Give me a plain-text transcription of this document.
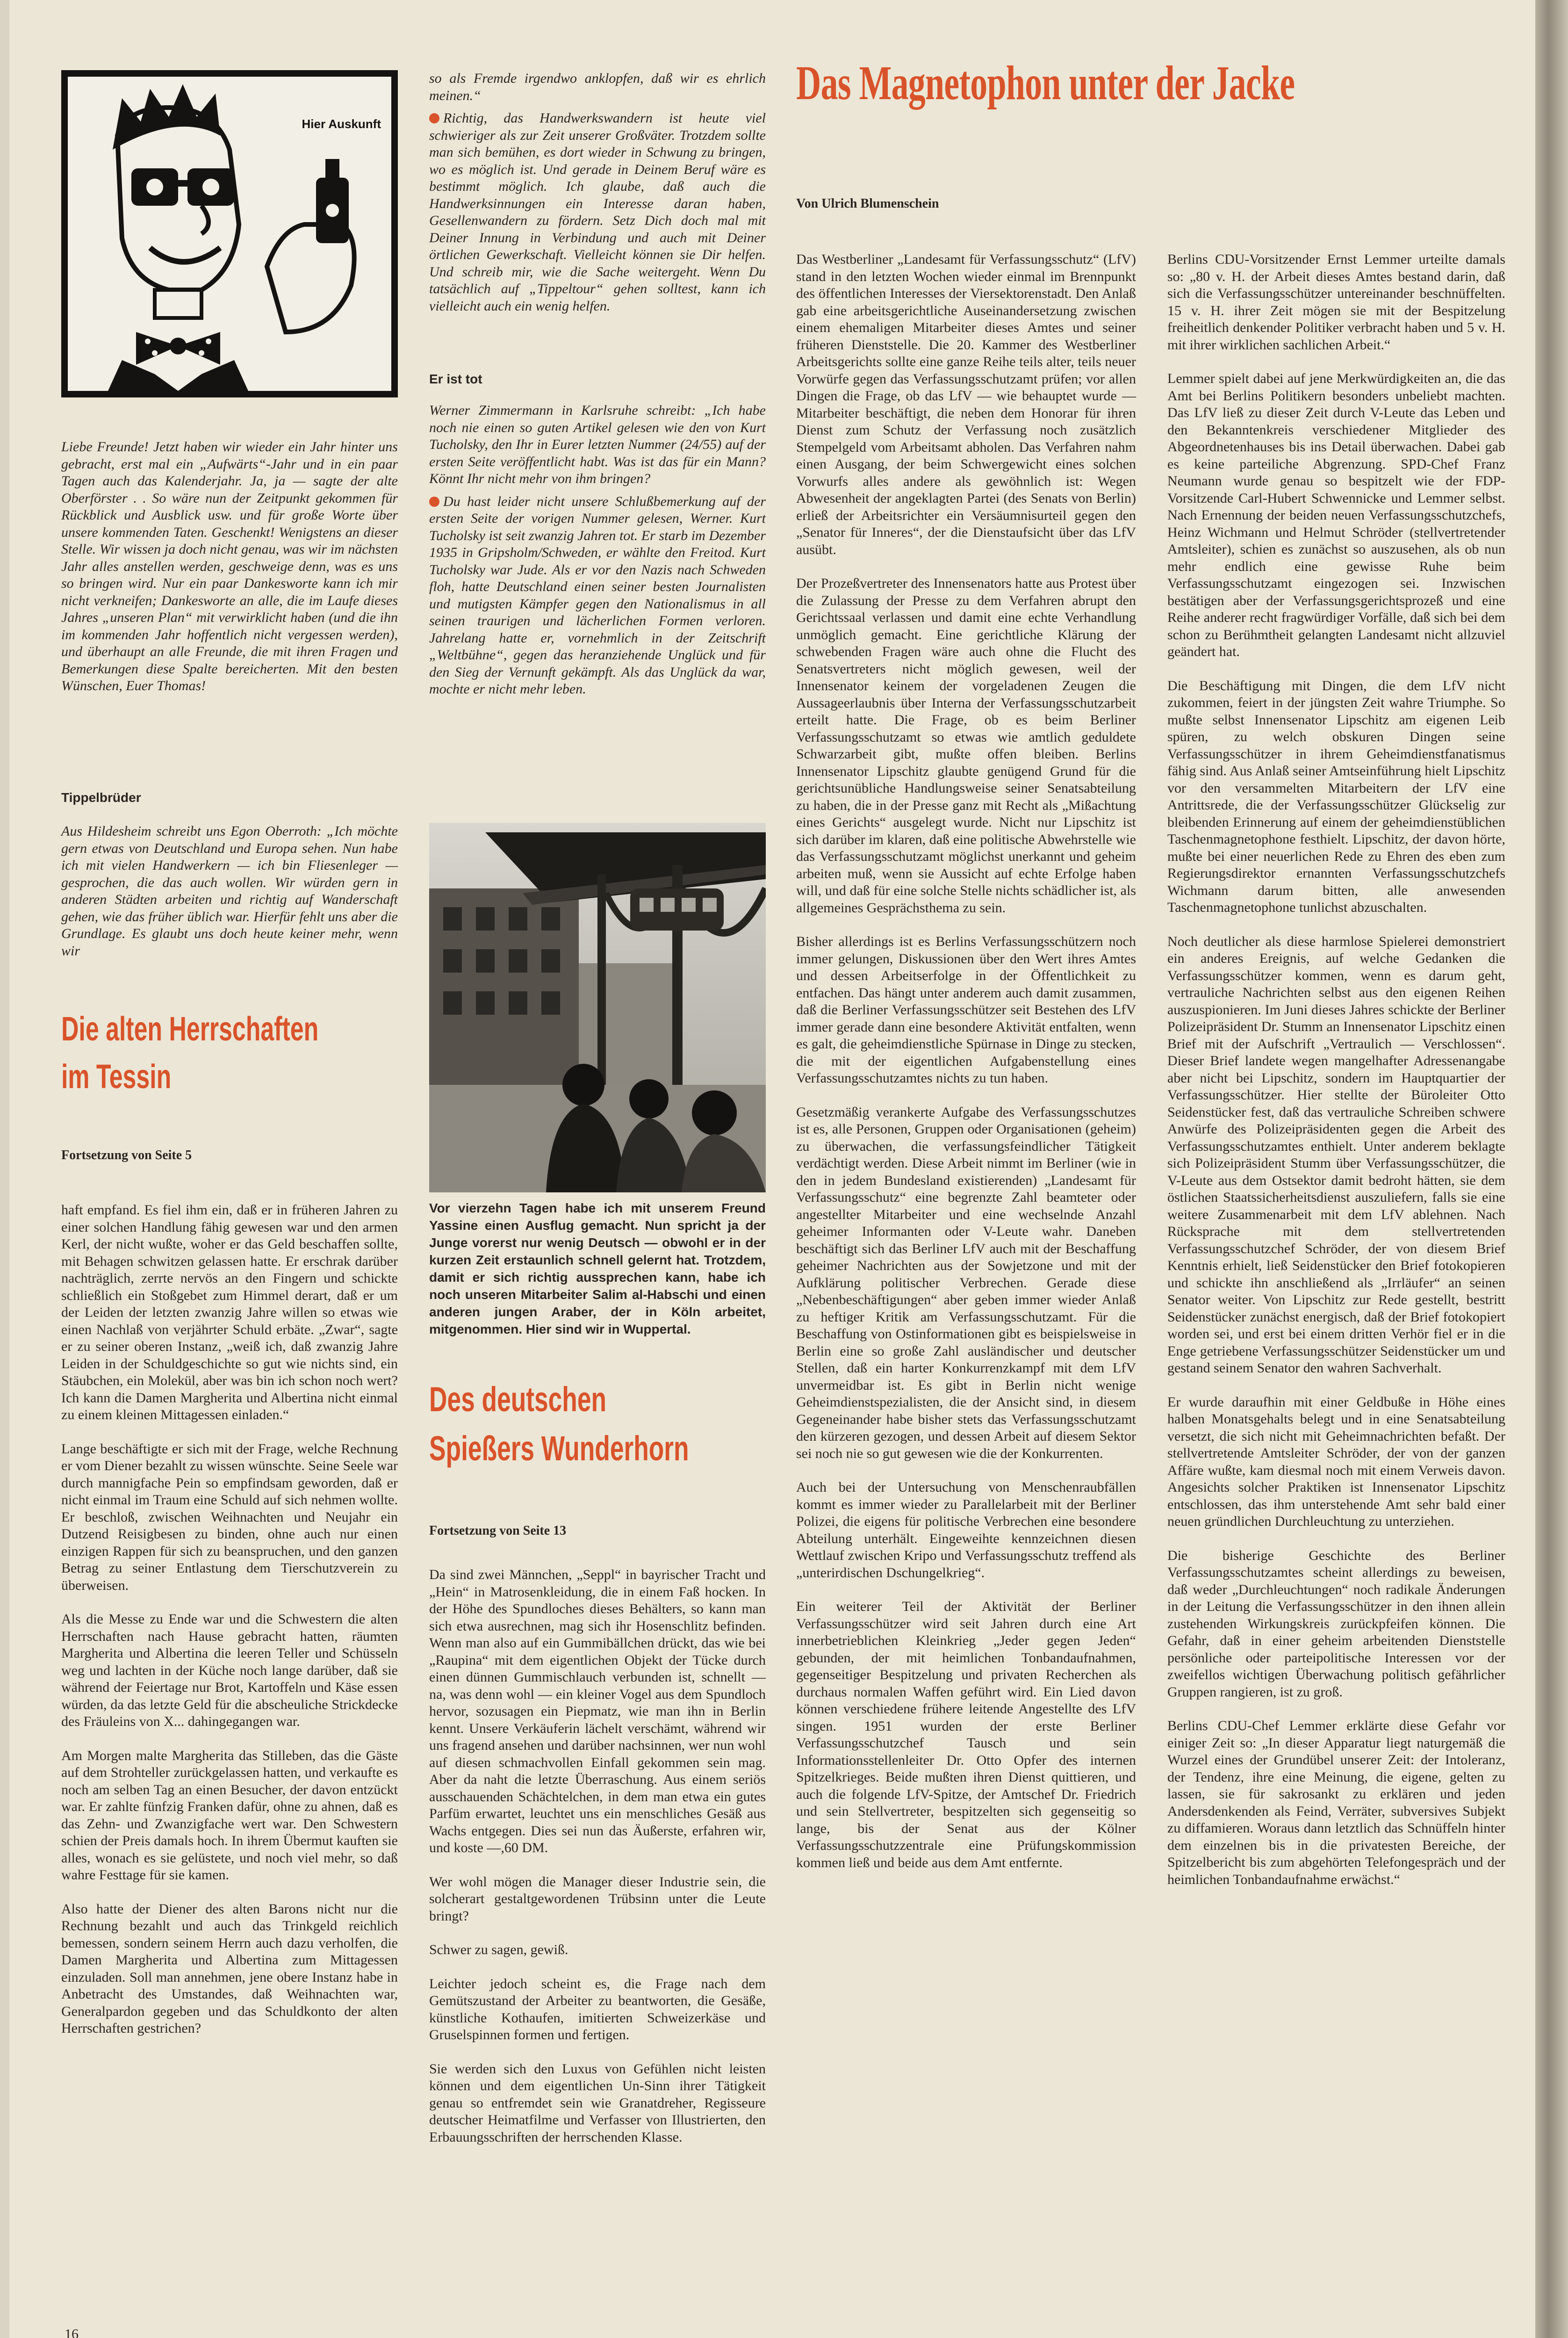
Hier Auskunft

Liebe Freunde! Jetzt haben wir wieder ein Jahr hinter uns gebracht, erst mal ein „Aufwärts“-Jahr und in ein paar Tagen auch das Kalenderjahr. Ja, ja — sagte der alte Oberförster . . So wäre nun der Zeitpunkt gekommen für Rückblick und Ausblick usw. und für große Worte über unsere kommenden Taten. Geschenkt! Wenigstens an dieser Stelle. Wir wissen ja doch nicht genau, was wir im nächsten Jahr alles anstellen werden, geschweige denn, was es uns so bringen wird. Nur ein paar Dankesworte kann ich mir nicht verkneifen; Dankesworte an alle, die im Laufe dieses Jahres „unseren Plan“ mit verwirklicht haben (und die ihn im kommenden Jahr hoffentlich nicht vergessen werden), und überhaupt an alle Freunde, die mit ihren Fragen und Bemerkungen diese Spalte bereicherten. Mit den besten Wünschen, Euer Thomas!

Tippelbrüder

Aus Hildesheim schreibt uns Egon Oberroth: „Ich möchte gern etwas von Deutschland und Europa sehen. Nun habe ich mit vielen Handwerkern — ich bin Fliesenleger — gesprochen, die das auch wollen. Wir würden gern in anderen Städten arbeiten und richtig auf Wanderschaft gehen, wie das früher üblich war. Hierfür fehlt uns aber die Grundlage. Es glaubt uns doch heute keiner mehr, wenn wir

so als Fremde irgendwo anklopfen, daß wir es ehrlich meinen.“

Richtig, das Handwerkswandern ist heute viel schwieriger als zur Zeit unserer Großväter. Trotzdem sollte man sich bemühen, es dort wieder in Schwung zu bringen, wo es möglich ist. Und gerade in Deinem Beruf wäre es bestimmt möglich. Ich glaube, daß auch die Handwerksinnungen ein Interesse daran haben, Gesellenwandern zu fördern. Setz Dich doch mal mit Deiner Innung in Verbindung und auch mit Deiner örtlichen Gewerkschaft. Vielleicht können sie Dir helfen. Und schreib mir, wie die Sache weitergeht. Wenn Du tatsächlich auf „Tippeltour“ gehen solltest, kann ich vielleicht auch ein wenig helfen.

Er ist tot

Werner Zimmermann in Karlsruhe schreibt: „Ich habe noch nie einen so guten Artikel gelesen wie den von Kurt Tucholsky, den Ihr in Eurer letzten Nummer (24/55) auf der ersten Seite veröffentlicht habt. Was ist das für ein Mann? Könnt Ihr nicht mehr von ihm bringen?

Du hast leider nicht unsere Schlußbemerkung auf der ersten Seite der vorigen Nummer gelesen, Werner. Kurt Tucholsky ist seit zwanzig Jahren tot. Er starb im Dezember 1935 in Gripsholm/Schweden, er wählte den Freitod. Kurt Tucholsky war Jude. Als er vor den Nazis nach Schweden floh, hatte Deutschland einen seiner besten Journalisten und mutigsten Kämpfer gegen den Nationalismus in all seinen traurigen und lächerlichen Formen verloren. Jahrelang hatte er, vornehmlich in der Zeitschrift „Weltbühne“, gegen das heranziehende Unglück und für den Sieg der Vernunft gekämpft. Als das Unglück da war, mochte er nicht mehr leben.

Vor vierzehn Tagen habe ich mit unserem Freund Yassine einen Ausflug gemacht. Nun spricht ja der Junge vorerst nur wenig Deutsch — obwohl er in der kurzen Zeit erstaunlich schnell gelernt hat. Trotzdem, damit er sich richtig aussprechen kann, habe ich noch unseren Mitarbeiter Salim al-Habschi und einen anderen jungen Araber, der in Köln arbeitet, mitgenommen. Hier sind wir in Wuppertal.
Die alten Herrschaften
im Tessin
Fortsetzung von Seite 5

haft empfand. Es fiel ihm ein, daß er in früheren Jahren zu einer solchen Handlung fähig gewesen war und den armen Kerl, der nicht wußte, woher er das Geld beschaffen sollte, mit Behagen schwitzen gelassen hatte. Er erschrak darüber nachträglich, zerrte nervös an den Fingern und schickte schließlich ein Stoßgebet zum Himmel derart, daß er um der Leiden der letzten zwanzig Jahre willen so etwas wie einen Nachlaß von verjährter Schuld erbäte. „Zwar“, sagte er zu seiner oberen Instanz, „weiß ich, daß zwanzig Jahre Leiden in der Schuldgeschichte so gut wie nichts sind, ein Stäubchen, ein Molekül, aber was bin ich schon noch wert? Ich kann die Damen Margherita und Albertina nicht einmal zu einem kleinen Mittagessen einladen.“

Lange beschäftigte er sich mit der Frage, welche Rechnung er vom Diener bezahlt zu wissen wünschte. Seine Seele war durch mannigfache Pein so empfindsam geworden, daß er nicht einmal im Traum eine Schuld auf sich nehmen wollte. Er beschloß, zwischen Weihnachten und Neujahr ein Dutzend Reisigbesen zu binden, ohne auch nur einen einzigen Rappen für sich zu beanspruchen, und den ganzen Betrag zu seiner Entlastung dem Tierschutzverein zu überweisen.

Als die Messe zu Ende war und die Schwestern die alten Herrschaften nach Hause gebracht hatten, räumten Margherita und Albertina die leeren Teller und Schüsseln weg und lachten in der Küche noch lange darüber, daß sie während der Feiertage nur Brot, Kartoffeln und Käse essen würden, da das letzte Geld für die abscheuliche Strickdecke des Fräuleins von X... dahingegangen war.

Am Morgen malte Margherita das Stilleben, das die Gäste auf dem Strohteller zurückgelassen hatten, und verkaufte es noch am selben Tag an einen Besucher, der davon entzückt war. Er zahlte fünfzig Franken dafür, ohne zu ahnen, daß es das Zehn- und Zwanzigfache wert war. Den Schwestern schien der Preis damals hoch. In ihrem Übermut kauften sie alles, wonach es sie gelüstete, und noch viel mehr, so daß wahre Festtage für sie kamen.

Also hatte der Diener des alten Barons nicht nur die Rechnung bezahlt und auch das Trinkgeld reichlich bemessen, sondern seinem Herrn auch dazu verholfen, die Damen Margherita und Albertina zum Mittagessen einzuladen. Soll man annehmen, jene obere Instanz habe in Anbetracht des Umstandes, daß Weihnachten war, Generalpardon gegeben und das Schuldkonto der alten Herrschaften gestrichen?

Des deutschen
Spießers Wunderhorn
Fortsetzung von Seite 13

Da sind zwei Männchen, „Seppl“ in bayrischer Tracht und „Hein“ in Matrosenkleidung, die in einem Faß hocken. In der Höhe des Spundloches dieses Behälters, so kann man sich etwa ausrechnen, mag sich ihr Hosenschlitz befinden. Wenn man also auf ein Gummibällchen drückt, das wie bei „Raupina“ mit dem eigentlichen Objekt der Tücke durch einen dünnen Gummischlauch verbunden ist, schnellt — na, was denn wohl — ein kleiner Vogel aus dem Spundloch hervor, sozusagen ein Piepmatz, wie man ihn in Berlin kennt. Unsere Verkäuferin lächelt verschämt, während wir uns fragend ansehen und darüber nachsinnen, wer nun wohl auf diesen schmachvollen Einfall gekommen sein mag. Aber da naht die letzte Überraschung. Aus einem seriös ausschauenden Schächtelchen, in dem man etwa ein gutes Parfüm erwartet, leuchtet uns ein menschliches Gesäß aus Wachs entgegen. Dies sei nun das Äußerste, erfahren wir, und koste —,60 DM.

Wer wohl mögen die Manager dieser Industrie sein, die solcherart gestaltgewordenen Trübsinn unter die Leute bringt?

Schwer zu sagen, gewiß.

Leichter jedoch scheint es, die Frage nach dem Gemütszustand der Arbeiter zu beantworten, die Gesäße, künstliche Kothaufen, imitierten Schweizerkäse und Gruselspinnen formen und fertigen.

Sie werden sich den Luxus von Gefühlen nicht leisten können und dem eigentlichen Un-Sinn ihrer Tätigkeit genau so entfremdet sein wie Granatdreher, Regisseure deutscher Heimatfilme und Verfasser von Illustrierten, den Erbauungsschriften der herrschenden Klasse.

Das Magnetophon unter der Jacke
Von Ulrich Blumenschein

Das Westberliner „Landesamt für Verfassungsschutz“ (LfV) stand in den letzten Wochen wieder einmal im Brennpunkt des öffentlichen Interesses der Viersektorenstadt. Den Anlaß gab eine arbeitsgerichtliche Auseinandersetzung zwischen einem ehemaligen Mitarbeiter dieses Amtes und seiner früheren Dienststelle. Die 20. Kammer des Westberliner Arbeitsgerichts sollte eine ganze Reihe teils alter, teils neuer Vorwürfe gegen das Verfassungsschutzamt prüfen; vor allen Dingen die Frage, ob das LfV — wie behauptet wurde — Mitarbeiter beschäftigt, die neben dem Honorar für ihren Dienst zum Schutz der Verfassung noch zusätzlich Stempelgeld vom Arbeitsamt abholen. Das Verfahren nahm einen Ausgang, der beim Schwergewicht eines solchen Vorwurfs alles andere als gewöhnlich ist: Wegen Abwesenheit der angeklagten Partei (des Senats von Berlin) erließ der Arbeitsrichter ein Versäumnisurteil gegen den „Senator für Inneres“, der die Dienstaufsicht über das LfV ausübt.

Der Prozeßvertreter des Innensenators hatte aus Protest über die Zulassung der Presse zu dem Verfahren abrupt den Gerichtssaal verlassen und damit eine echte Verhandlung unmöglich gemacht. Eine gerichtliche Klärung der schwebenden Fragen wäre auch ohne die Flucht des Senatsvertreters nicht möglich gewesen, weil der Innensenator keinem der vorgeladenen Zeugen die Aussageerlaubnis über Interna der Verfassungsschutzarbeit erteilt hatte. Die Frage, ob es beim Berliner Verfassungsschutzamt so etwas wie amtlich geduldete Schwarzarbeit gibt, mußte offen bleiben. Berlins Innensenator Lipschitz glaubte genügend Grund für die gerichtsunübliche Handlungsweise seiner Senatsabteilung zu haben, die in der Presse ganz mit Recht als „Mißachtung eines Gerichts“ ausgelegt wurde. Nicht nur Lipschitz ist sich darüber im klaren, daß eine politische Abwehrstelle wie das Verfassungsschutzamt möglichst unerkannt und geheim arbeiten muß, wenn sie Aussicht auf echte Erfolge haben will, und daß für eine solche Stelle nichts schädlicher ist, als allgemeines Gesprächsthema zu sein.

Bisher allerdings ist es Berlins Verfassungsschützern noch immer gelungen, Diskussionen über den Wert ihres Amtes und dessen Arbeitserfolge in der Öffentlichkeit zu entfachen. Das hängt unter anderem auch damit zusammen, daß die Berliner Verfassungsschützer seit Bestehen des LfV immer gerade dann eine besondere Aktivität entfalten, wenn es galt, die geheimdienstliche Spürnase in Dinge zu stecken, die mit der eigentlichen Aufgabenstellung eines Verfassungsschutzamtes nichts zu tun haben.

Gesetzmäßig verankerte Aufgabe des Verfassungsschutzes ist es, alle Personen, Gruppen oder Organisationen (geheim) zu überwachen, die verfassungsfeindlicher Tätigkeit verdächtigt werden. Diese Arbeit nimmt im Berliner (wie in den in jedem Bundesland existierenden) „Landesamt für Verfassungsschutz“ eine begrenzte Zahl beamteter oder angestellter Mitarbeiter und eine wechselnde Anzahl geheimer Informanten oder V-Leute wahr. Daneben beschäftigt sich das Berliner LfV auch mit der Beschaffung geheimer Nachrichten aus der Sowjetzone und mit der Aufklärung politischer Verbrechen. Gerade diese „Nebenbeschäftigungen“ aber geben immer wieder Anlaß zu heftiger Kritik am Verfassungsschutzamt. Für die Beschaffung von Ostinformationen gibt es beispielsweise in Berlin eine so große Zahl ausländischer und deutscher Stellen, daß ein harter Konkurrenzkampf mit dem LfV unvermeidbar ist. Es gibt in Berlin nicht wenige Geheimdienstspezialisten, die der Ansicht sind, in diesem Gegeneinander habe bisher stets das Verfassungsschutzamt den kürzeren gezogen, und dessen Arbeit auf diesem Sektor sei noch nie so gut gewesen wie die der Konkurrenten.

Auch bei der Untersuchung von Menschenraubfällen kommt es immer wieder zu Parallelarbeit mit der Berliner Polizei, die eigens für politische Verbrechen eine besondere Abteilung unterhält. Eingeweihte kennzeichnen diesen Wettlauf zwischen Kripo und Verfassungsschutz treffend als „unterirdischen Dschungelkrieg“.

Ein weiterer Teil der Aktivität der Berliner Verfassungsschützer wird seit Jahren durch eine Art innerbetrieblichen Kleinkrieg „Jeder gegen Jeden“ gebunden, der mit heimlichen Tonbandaufnahmen, gegenseitiger Bespitzelung und privaten Recherchen als durchaus normalen Waffen geführt wird. Ein Lied davon können verschiedene frühere leitende Angestellte des LfV singen. 1951 wurden der erste Berliner Verfassungsschutzchef Tausch und sein Informationsstellenleiter Dr. Otto Opfer des internen Spitzelkrieges. Beide mußten ihren Dienst quittieren, und auch die folgende LfV-Spitze, der Amtschef Dr. Friedrich und sein Stellvertreter, bespitzelten sich gegenseitig so lange, bis der Senat aus der Kölner Verfassungsschutzzentrale eine Prüfungskommission kommen ließ und beide aus dem Amt entfernte.

Berlins CDU-Vorsitzender Ernst Lemmer urteilte damals so: „80 v. H. der Arbeit dieses Amtes bestand darin, daß sich die Verfassungsschützer untereinander beschnüffelten. 15 v. H. ihrer Zeit mögen sie mit der Bespitzelung freiheitlich denkender Politiker verbracht haben und 5 v. H. mit ihrer wirklichen sachlichen Arbeit.“

Lemmer spielt dabei auf jene Merkwürdigkeiten an, die das Amt bei Berlins Politikern besonders unbeliebt machten. Das LfV ließ zu dieser Zeit durch V-Leute das Leben und den Bekanntenkreis verschiedener Mitglieder des Abgeordnetenhauses bis ins Detail überwachen. Dabei gab es keine parteiliche Abgrenzung. SPD-Chef Franz Neumann wurde genau so bespitzelt wie der FDP-Vorsitzende Carl-Hubert Schwennicke und Lemmer selbst. Nach Ernennung der beiden neuen Verfassungsschutzchefs, Heinz Wichmann und Helmut Schröder (stellvertretender Amtsleiter), schien es zunächst so auszusehen, als ob nun mehr endlich eine gewisse Ruhe beim Verfassungsschutzamt eingezogen sei. Inzwischen bestätigen aber der Verfassungsgerichtsprozeß und eine Reihe anderer recht fragwürdiger Vorfälle, daß sich bei dem schon zu Berühmtheit gelangten Landesamt nicht allzuviel geändert hat.

Die Beschäftigung mit Dingen, die dem LfV nicht zukommen, feiert in der jüngsten Zeit wahre Triumphe. So mußte selbst Innensenator Lipschitz am eigenen Leib spüren, zu welch obskuren Dingen seine Verfassungsschützer in ihrem Geheimdienstfanatismus fähig sind. Aus Anlaß seiner Amtseinführung hielt Lipschitz vor den versammelten Mitarbeitern der LfV eine Antrittsrede, die der Verfassungsschützer Glückselig zur bleibenden Erinnerung auf einem der geheimdienstüblichen Taschenmagnetophone festhielt. Lipschitz, der davon hörte, mußte bei einer neuerlichen Rede zu Ehren des eben zum Regierungsdirektor ernannten Verfassungsschutzchefs Wichmann darum bitten, alle anwesenden Taschenmagnetophone tunlichst abzuschalten.

Noch deutlicher als diese harmlose Spielerei demonstriert ein anderes Ereignis, auf welche Gedanken die Verfassungsschützer kommen, wenn es darum geht, vertrauliche Nachrichten selbst aus den eigenen Reihen auszuspionieren. Im Juni dieses Jahres schickte der Berliner Polizeipräsident Dr. Stumm an Innensenator Lipschitz einen Brief mit der Aufschrift „Vertraulich — Verschlossen“. Dieser Brief landete wegen mangelhafter Adressenangabe aber nicht bei Lipschitz, sondern im Hauptquartier der Verfassungsschützer. Hier stellte der Büroleiter Otto Seidenstücker fest, daß das vertrauliche Schreiben schwere Anwürfe des Polizeipräsidenten gegen die Arbeit des Verfassungsschutzamtes enthielt. Unter anderem beklagte sich Polizeipräsident Stumm über Verfassungsschützer, die V-Leute aus dem Ostsektor damit bedroht hätten, sie dem östlichen Staatssicherheitsdienst auszuliefern, falls sie eine weitere Zusammenarbeit mit dem LfV ablehnen. Nach Rücksprache mit dem stellvertretenden Verfassungsschutzchef Schröder, der von diesem Brief Kenntnis erhielt, ließ Seidenstücker den Brief fotokopieren und schickte ihn anschließend als „Irrläufer“ an seinen Senator weiter. Von Lipschitz zur Rede gestellt, bestritt Seidenstücker zunächst energisch, daß der Brief fotokopiert worden sei, und erst bei einem dritten Verhör fiel er in die Enge getriebene Verfassungsschützer Seidenstücker um und gestand seinem Senator den wahren Sachverhalt.

Er wurde daraufhin mit einer Geldbuße in Höhe eines halben Monatsgehalts belegt und in eine Senatsabteilung versetzt, die sich nicht mit Geheimnachrichten befaßt. Der stellvertretende Amtsleiter Schröder, der von der ganzen Affäre wußte, kam diesmal noch mit einem Verweis davon. Angesichts solcher Praktiken ist Innensenator Lipschitz entschlossen, das ihm unterstehende Amt sehr bald einer neuen gründlichen Durchleuchtung zu unterziehen.

Die bisherige Geschichte des Berliner Verfassungsschutzamtes scheint allerdings zu beweisen, daß weder „Durchleuchtungen“ noch radikale Änderungen in der Leitung die Verfassungsschützer in den ihnen allein zustehenden Wirkungskreis zurückpfeifen können. Die Gefahr, daß in einer geheim arbeitenden Dienststelle persönliche oder parteipolitische Interessen vor der zweifellos wichtigen Überwachung politisch gefährlicher Gruppen rangieren, ist zu groß.

Berlins CDU-Chef Lemmer erklärte diese Gefahr vor einiger Zeit so: „In dieser Apparatur liegt naturgemäß die Wurzel eines der Grundübel unserer Zeit: der Intoleranz, der Tendenz, ihre eine Meinung, die eigene, gelten zu lassen, sie für sakrosankt zu erklären und jeden Andersdenkenden als Feind, Verräter, subversives Subjekt zu diffamieren. Woraus dann letztlich das Schnüffeln hinter dem einzelnen bis in die privatesten Bereiche, der Spitzelbericht bis zum abgehörten Telefongespräch und der heimlichen Tonbandaufnahme erwächst.“

16
